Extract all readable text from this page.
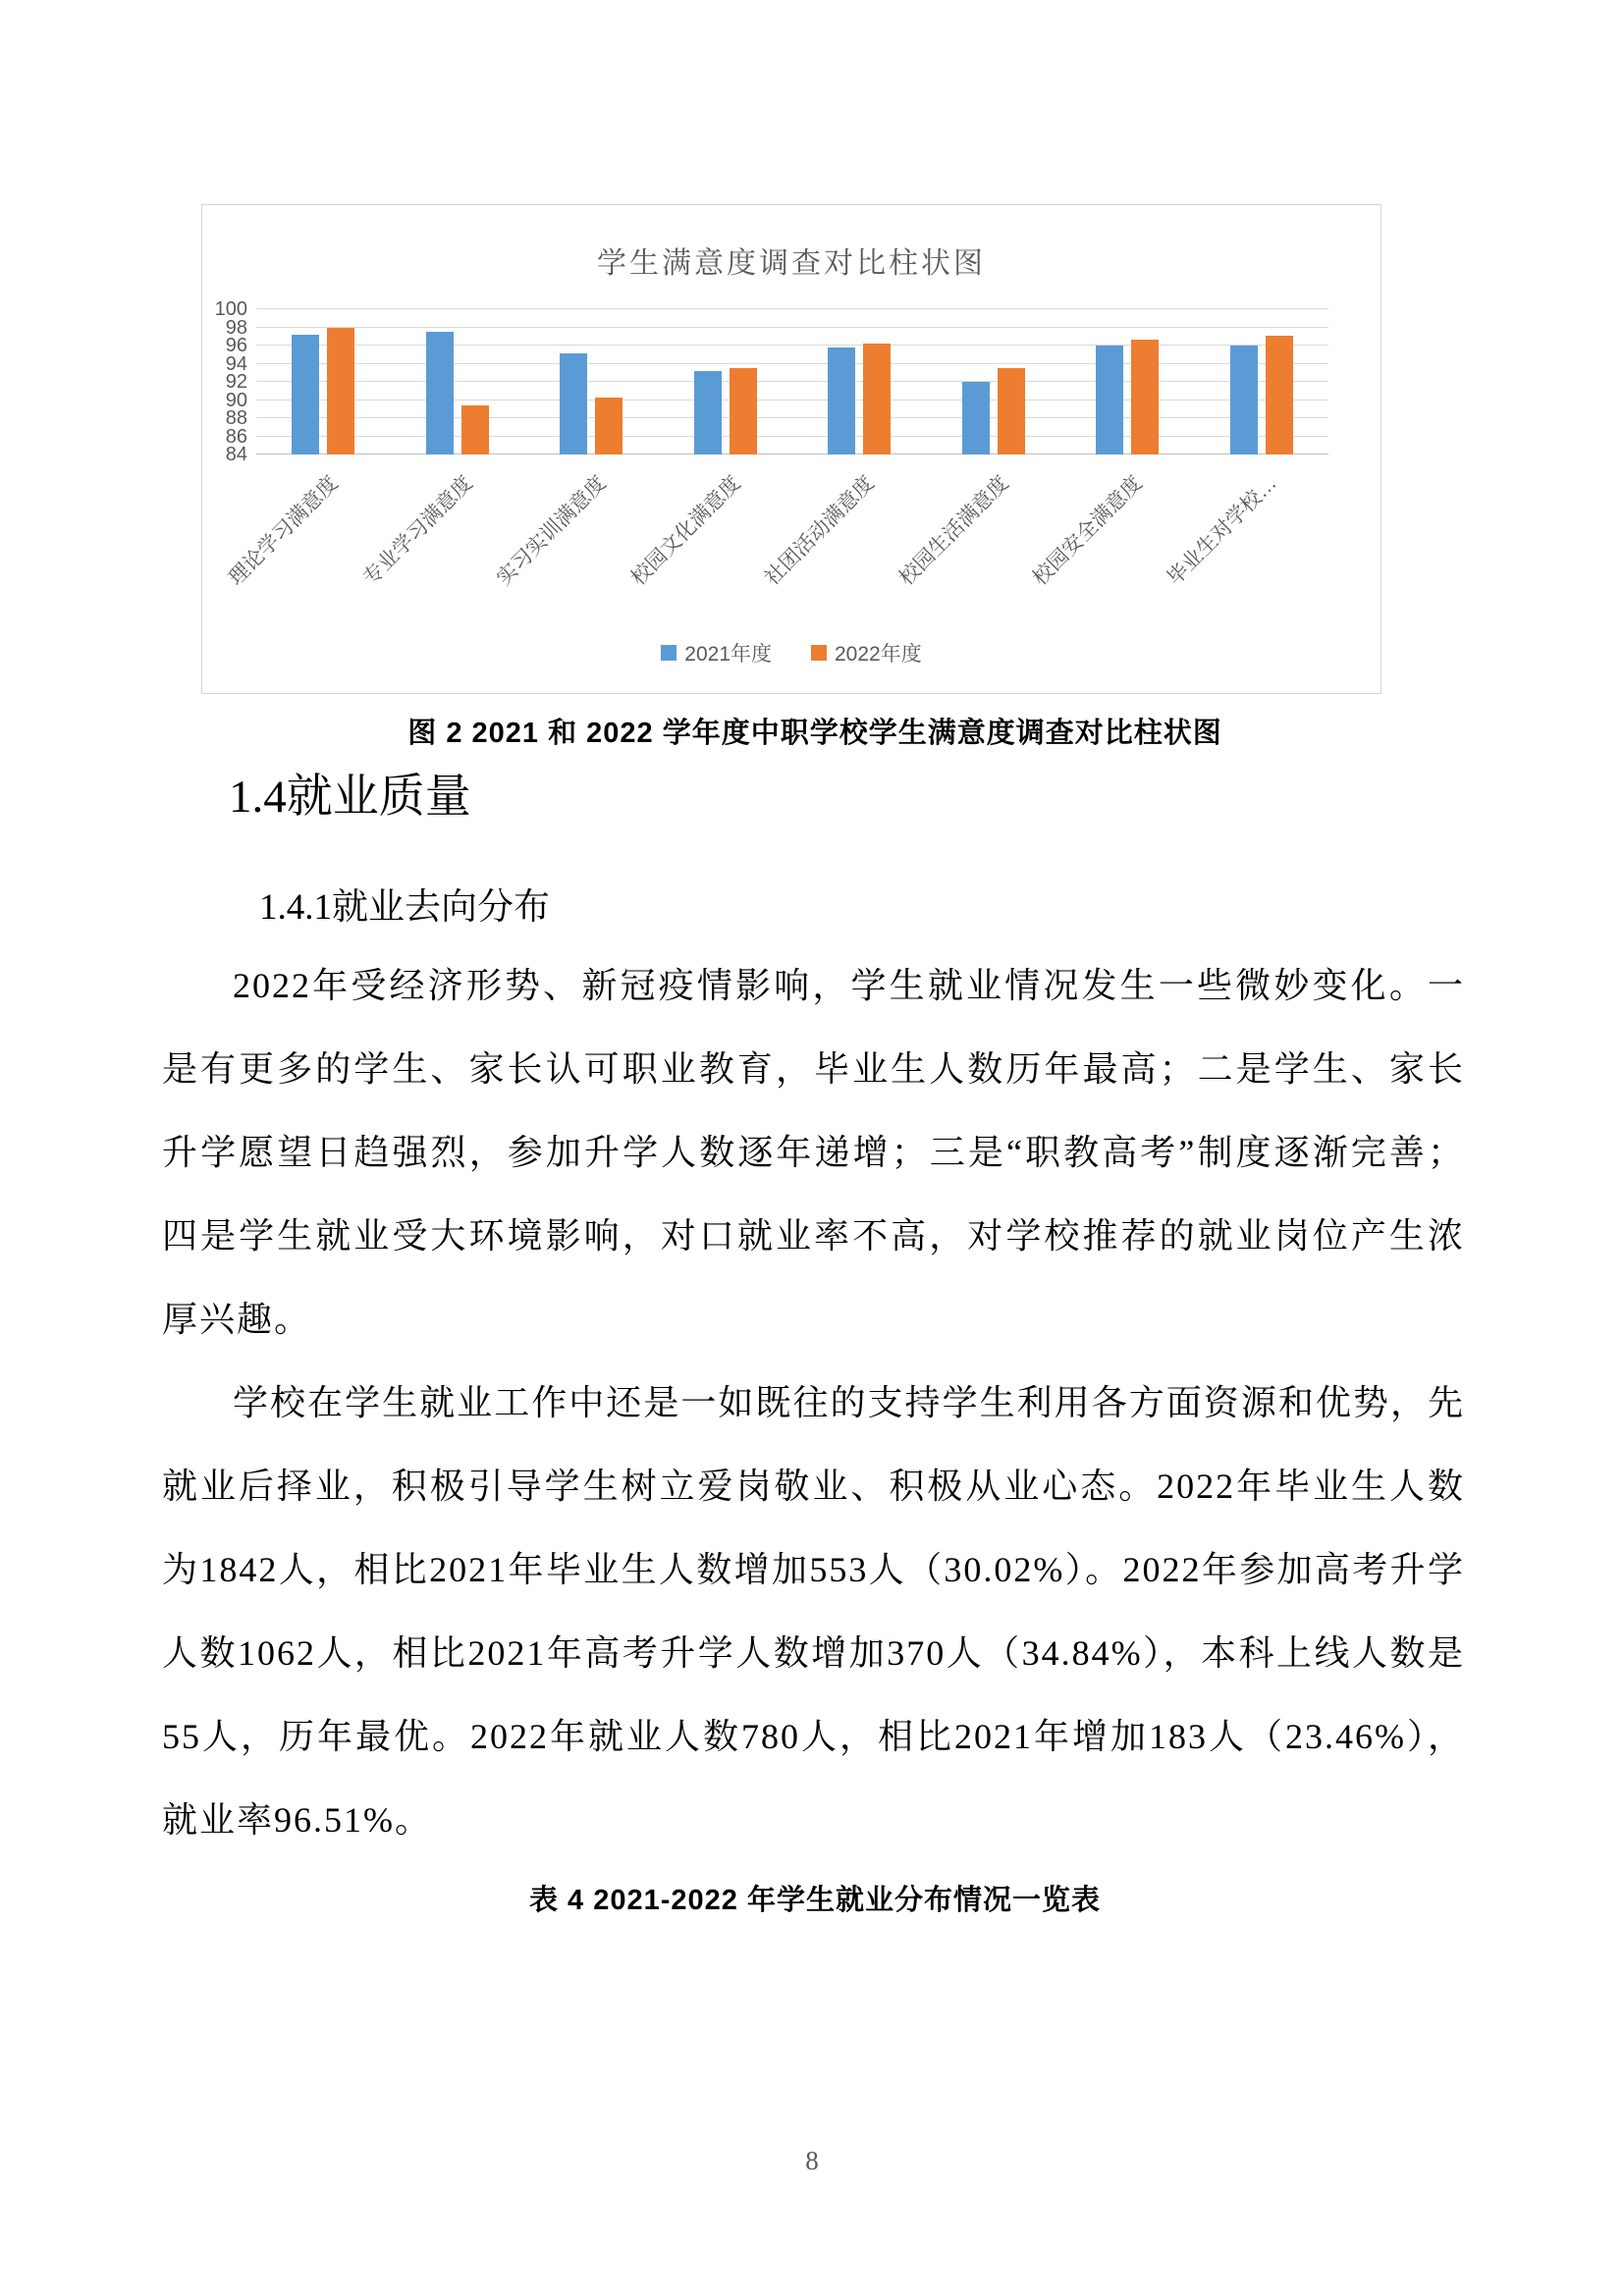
学生满意度调查对比柱状图
84
86
88
90
92
94
96
98
100
理论学习满意度 专业学习满意度 实习实训满意度 校园文化满意度 社团活动满意度 校园生活满意度 校园安全满意度 毕业生对学校…
2021年度	2022年度
图 2 2021 和 2022 学年度中职学校学生满意度调查对比柱状图
1.4就业质量
1.4.1就业去向分布

2022年受经济形势、新冠疫情影响，学生就业情况发生一些微妙变化。一是有更多的学生、家长认可职业教育，毕业生人数历年最高；二是学生、家长升学愿望日趋强烈，参加升学人数逐年递增；三是“职教高考”制度逐渐完善；四是学生就业受大环境影响，对口就业率不高，对学校推荐的就业岗位产生浓厚兴趣。

学校在学生就业工作中还是一如既往的支持学生利用各方面资源和优势，先就业后择业，积极引导学生树立爱岗敬业、积极从业心态。2022年毕业生人数为1842人，相比2021年毕业生人数增加553人（30.02%）。2022年参加高考升学人数1062人，相比2021年高考升学人数增加370人（34.84%），本科上线人数是55人，历年最优。2022年就业人数780人，相比2021年增加183人（23.46%），就业率96.51%。

表 4 2021-2022 年学生就业分布情况一览表
8
